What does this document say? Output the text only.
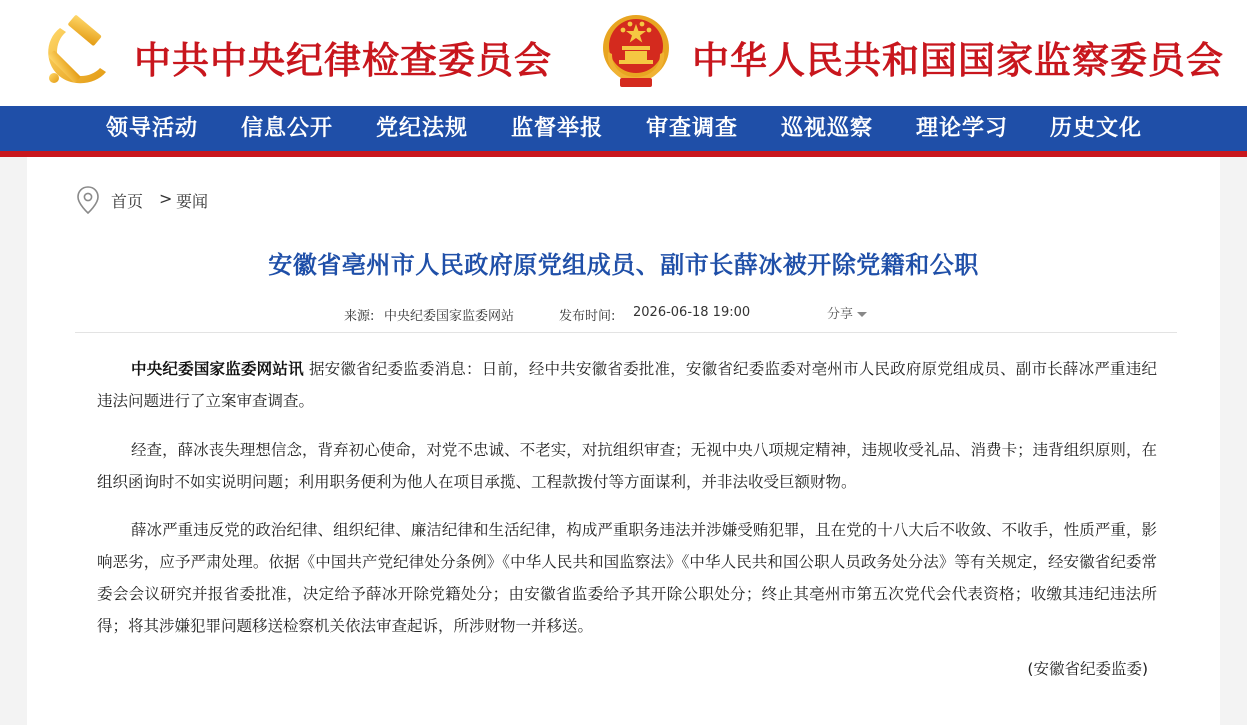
中共中央纪律检查委员会	中华人民共和国国家监察委员会
领导活动 信息公开 党纪法规 监督举报 审查调查 巡视巡察 理论学习 历史文化
首页 > 要闻
安徽省亳州市人民政府原党组成员、副市长薛冰被开除党籍和公职
来源: 中央纪委国家监委网站	发布时间: 2026-06-18 19:00	分享

中央纪委国家监委网站讯 据安徽省纪委监委消息：日前，经中共安徽省委批准，安徽省纪委监委对亳州市人民政府原党组成员、副市长薛冰严重违纪违法问题进行了立案审查调查。

经查，薛冰丧失理想信念，背弃初心使命，对党不忠诚、不老实，对抗组织审查；无视中央八项规定精神，违规收受礼品、消费卡；违背组织原则，在组织函询时不如实说明问题；利用职务便利为他人在项目承揽、工程款拨付等方面谋利，并非法收受巨额财物。

薛冰严重违反党的政治纪律、组织纪律、廉洁纪律和生活纪律，构成严重职务违法并涉嫌受贿犯罪，且在党的十八大后不收敛、不收手，性质严重，影响恶劣，应予严肃处理。依据《中国共产党纪律处分条例》《中华人民共和国监察法》《中华人民共和国公职人员政务处分法》等有关规定，经安徽省纪委常委会会议研究并报省委批准，决定给予薛冰开除党籍处分；由安徽省监委给予其开除公职处分；终止其亳州市第五次党代会代表资格；收缴其违纪违法所得；将其涉嫌犯罪问题移送检察机关依法审查起诉，所涉财物一并移送。

(安徽省纪委监委)
